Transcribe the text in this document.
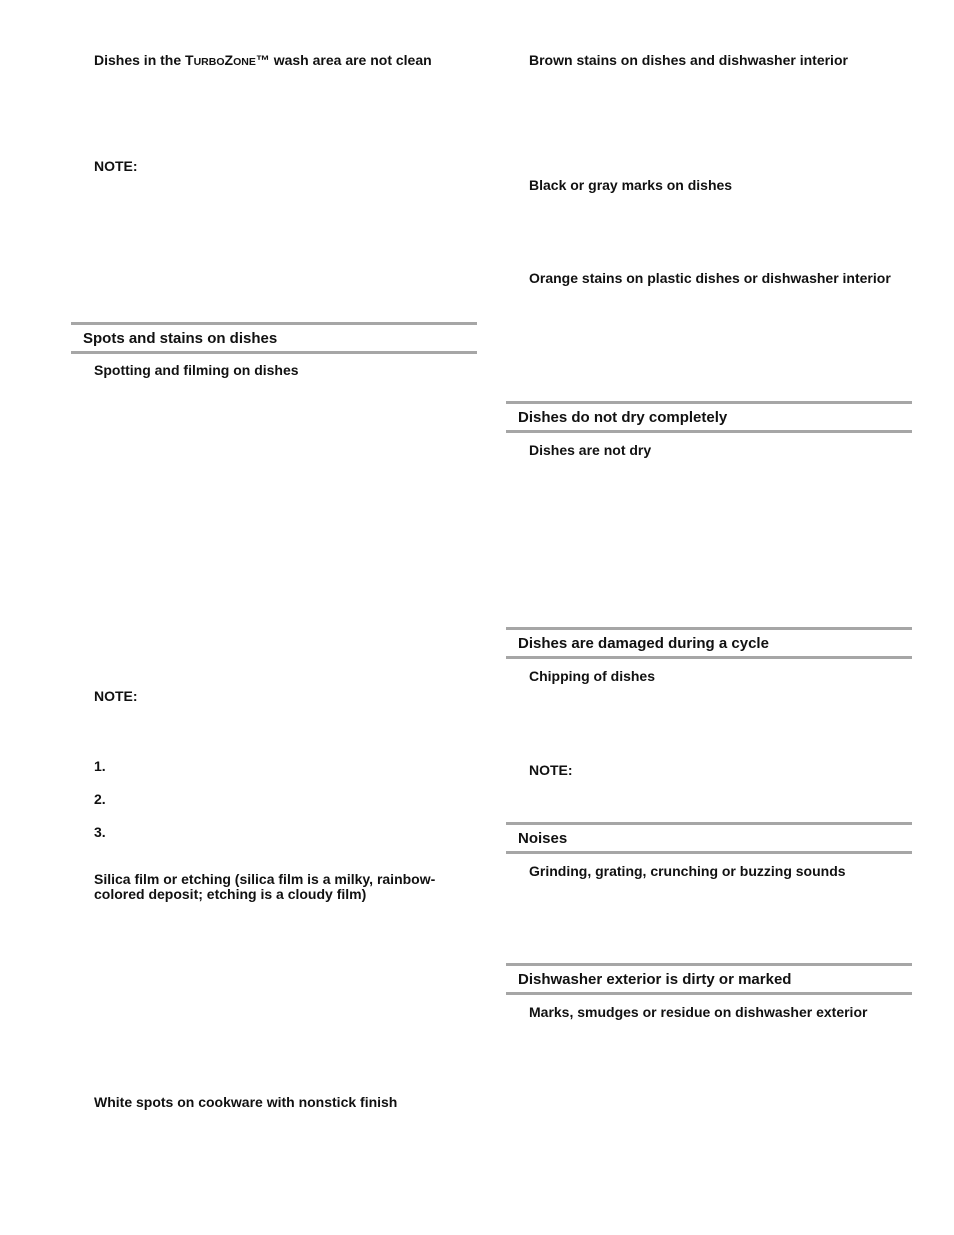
Dishes in the TURBOZONE™ wash area are not clean

NOTE:

Spots and stains on dishes
Spotting and filming on dishes

NOTE:

1.

2.

3.

Silica film or etching (silica film is a milky, rainbow-
colored deposit; etching is a cloudy film)
White spots on cookware with nonstick finish
Brown stains on dishes and dishwasher interior
Black or gray marks on dishes
Orange stains on plastic dishes or dishwasher interior
Dishes do not dry completely
Dishes are not dry
Dishes are damaged during a cycle
Chipping of dishes

NOTE:

Noises
Grinding, grating, crunching or buzzing sounds
Dishwasher exterior is dirty or marked
Marks, smudges or residue on dishwasher exterior
